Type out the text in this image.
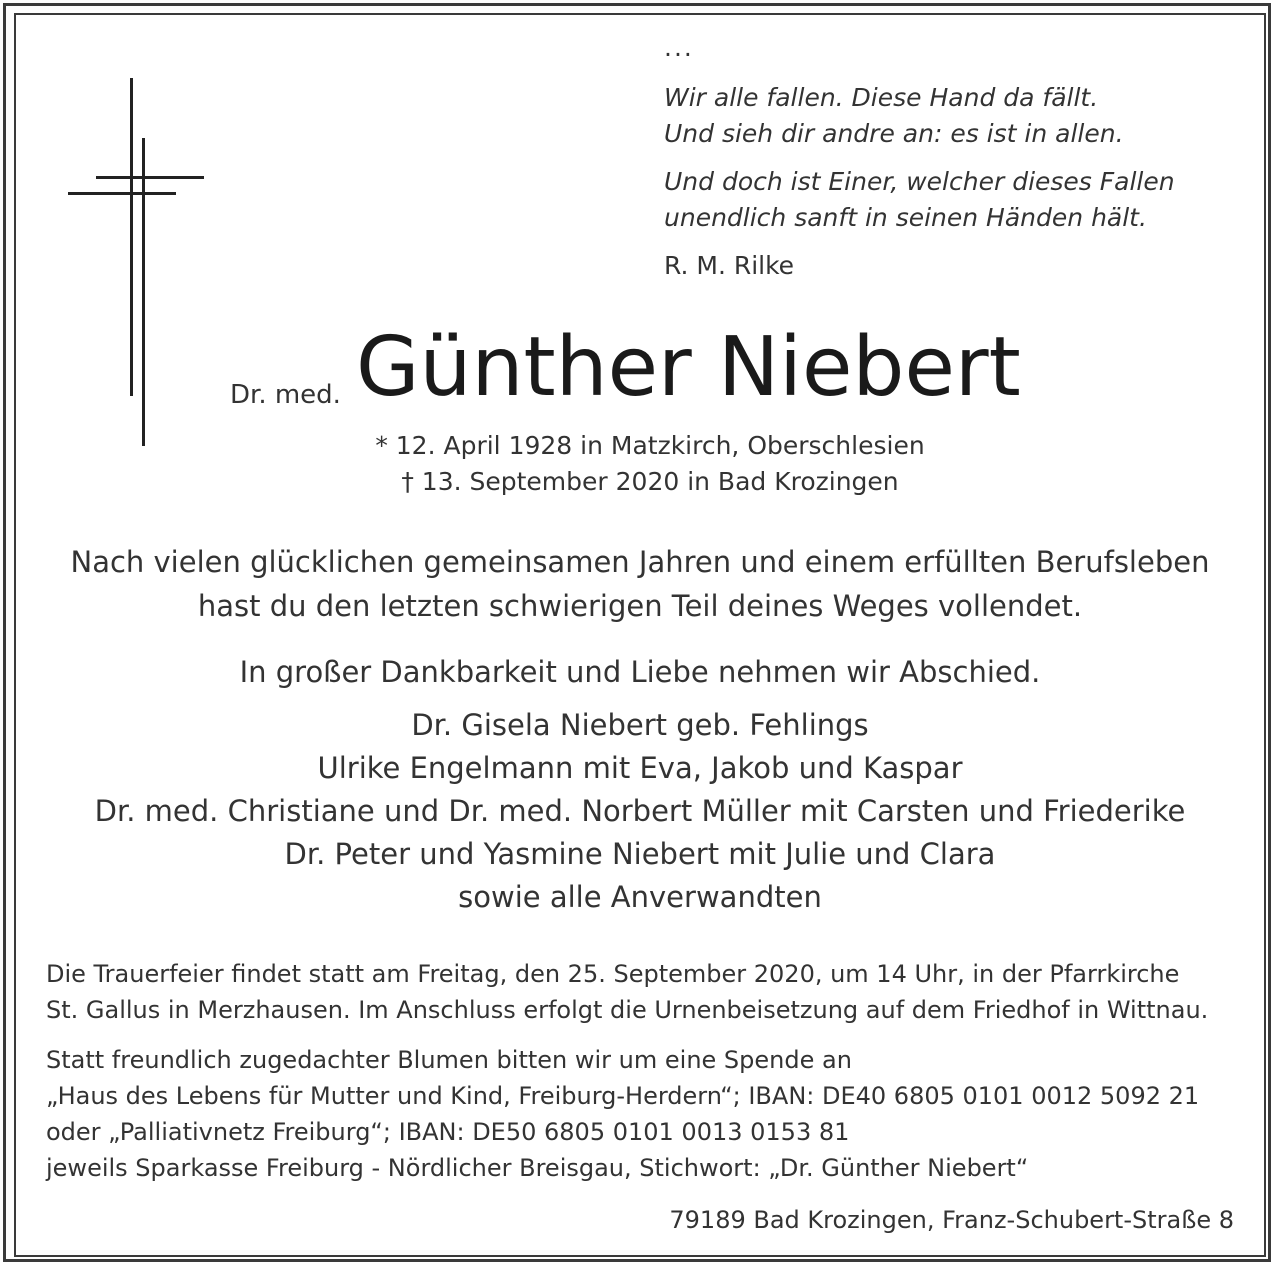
...
Wir alle fallen. Diese Hand da fällt.
Und sieh dir andre an: es ist in allen.
Und doch ist Einer, welcher dieses Fallen
unendlich sanft in seinen Händen hält.
R. M. Rilke
Dr. med. Günther Niebert
* 12. April 1928 in Matzkirch, Oberschlesien
† 13. September 2020 in Bad Krozingen
Nach vielen glücklichen gemeinsamen Jahren und einem erfüllten Berufsleben
hast du den letzten schwierigen Teil deines Weges vollendet.
In großer Dankbarkeit und Liebe nehmen wir Abschied.
Dr. Gisela Niebert geb. Fehlings
Ulrike Engelmann mit Eva, Jakob und Kaspar
Dr. med. Christiane und Dr. med. Norbert Müller mit Carsten und Friederike
Dr. Peter und Yasmine Niebert mit Julie und Clara
sowie alle Anverwandten
Die Trauerfeier findet statt am Freitag, den 25. September 2020, um 14 Uhr, in der Pfarrkirche
St. Gallus in Merzhausen. Im Anschluss erfolgt die Urnenbeisetzung auf dem Friedhof in Wittnau.
Statt freundlich zugedachter Blumen bitten wir um eine Spende an
„Haus des Lebens für Mutter und Kind, Freiburg-Herdern“; IBAN: DE40 6805 0101 0012 5092 21
oder „Palliativnetz Freiburg“; IBAN: DE50 6805 0101 0013 0153 81
jeweils Sparkasse Freiburg - Nördlicher Breisgau, Stichwort: „Dr. Günther Niebert“
79189 Bad Krozingen, Franz-Schubert-Straße 8
